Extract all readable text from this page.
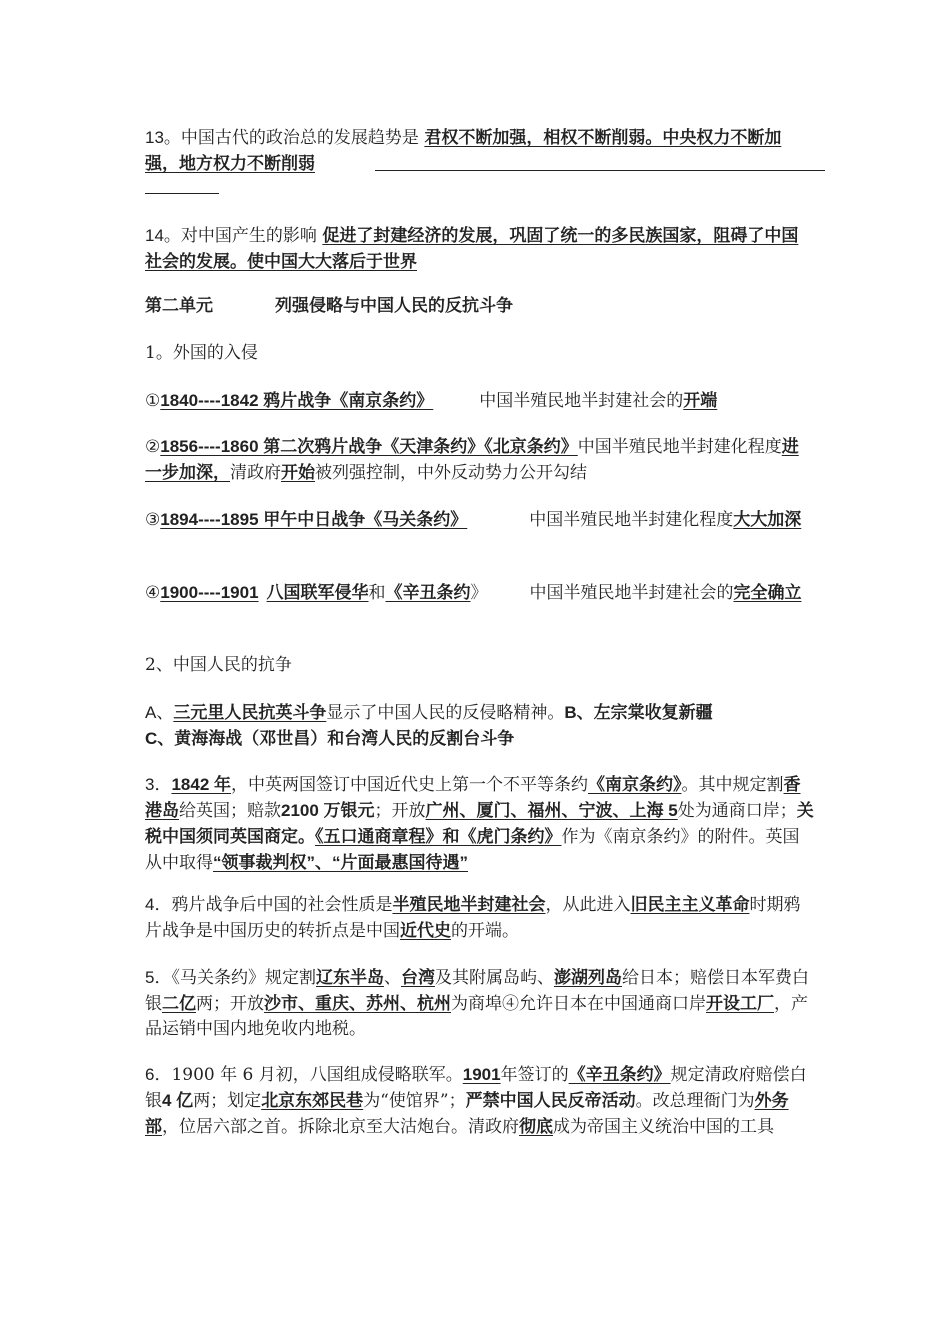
13。中国古代的政治总的发展趋势是 君权不断加强，相权不断削弱。中央权力不断加强，地方权力不断削弱

14。对中国产生的影响 促进了封建经济的发展，巩固了统一的多民族国家，阻碍了中国社会的发展。使中国大大落后于世界

第二单元	列强侵略与中国人民的反抗斗争

1。外国的入侵

①1840----1842 鸦片战争《南京条约》	中国半殖民地半封建社会的开端

②1856----1860 第二次鸦片战争《天津条约》《北京条约》中国半殖民地半封建化程度进一步加深，清政府开始被列强控制，中外反动势力公开勾结

③1894----1895 甲午中日战争《马关条约》	中国半殖民地半封建化程度大大加深

④1900----1901 八国联军侵华和《辛丑条约》 中国半殖民地半封建社会的完全确立

2、中国人民的抗争

A、三元里人民抗英斗争显示了中国人民的反侵略精神。B、左宗棠收复新疆
C、黄海海战（邓世昌）和台湾人民的反割台斗争

3．1842 年，中英两国签订中国近代史上第一个不平等条约《南京条约》。其中规定割香港岛给英国；赔款2100 万银元；开放广州、厦门、福州、宁波、上海 5处为通商口岸；关税中国须同英国商定。《五口通商章程》和《虎门条约》作为《南京条约》的附件。英国从中取得“领事裁判权”、“片面最惠国待遇”

4．鸦片战争后中国的社会性质是半殖民地半封建社会，从此进入旧民主主义革命时期鸦片战争是中国历史的转折点是中国近代史的开端。

5．《马关条约》规定割辽东半岛、台湾及其附属岛屿、澎湖列岛给日本；赔偿日本军费白银二亿两；开放沙市、重庆、苏州、杭州为商埠④允许日本在中国通商口岸开设工厂，产品运销中国内地免收内地税。

6．1900 年 6 月初，八国组成侵略联军。1901年签订的《辛丑条约》规定清政府赔偿白银4 亿两；划定北京东郊民巷为“使馆界”；严禁中国人民反帝活动。改总理衙门为外务部，位居六部之首。拆除北京至大沽炮台。清政府彻底成为帝国主义统治中国的工具
